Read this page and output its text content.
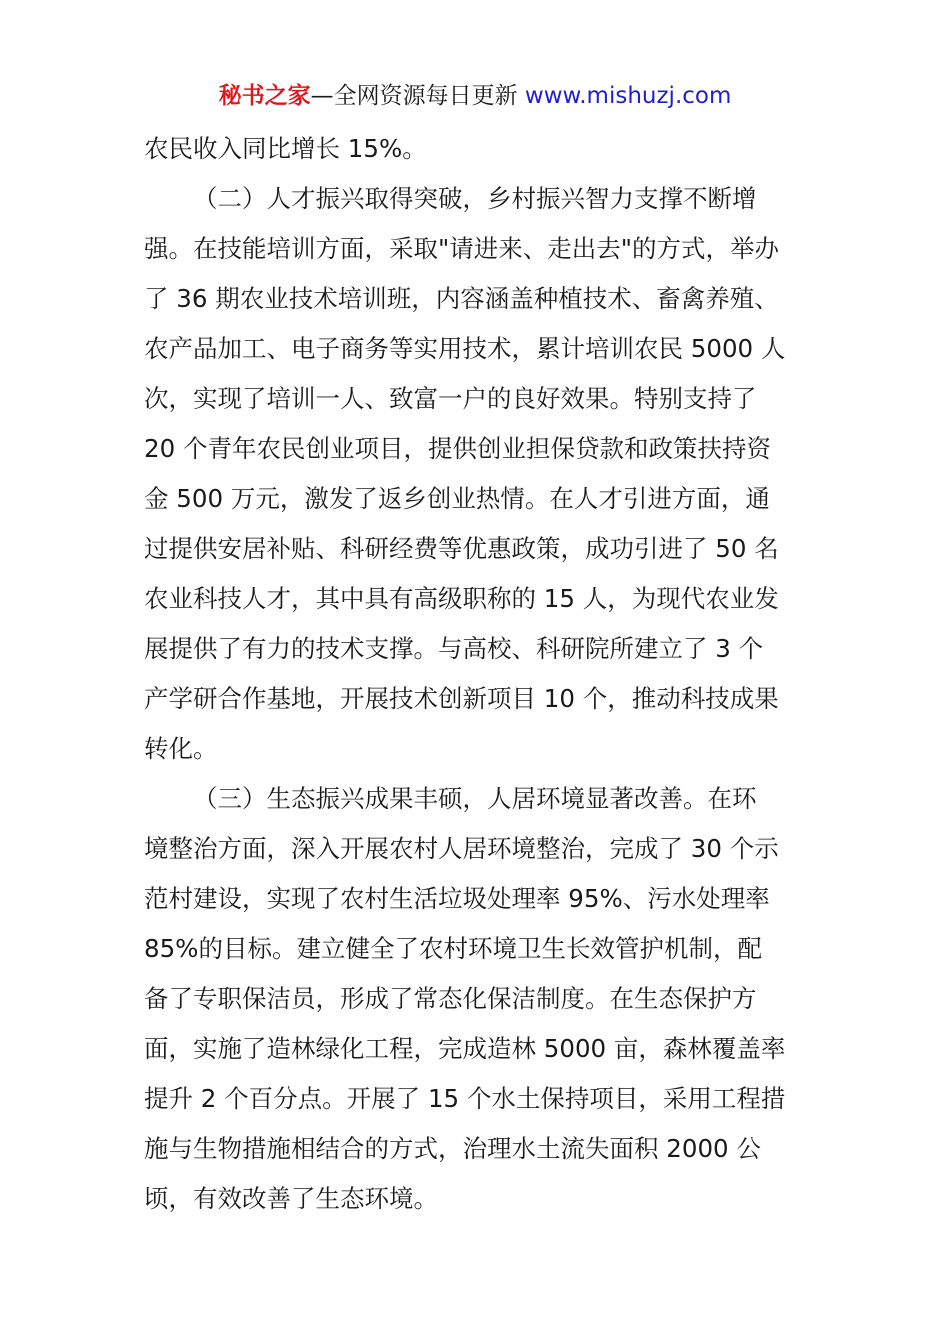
秘书之家—全网资源每日更新 www.mishuzj.com
农民收入同比增长 15%。
（二）人才振兴取得突破，乡村振兴智力支撑不断增
强。在技能培训方面，采取"请进来、走出去"的方式，举办
了 36 期农业技术培训班，内容涵盖种植技术、畜禽养殖、
农产品加工、电子商务等实用技术，累计培训农民 5000 人
次，实现了培训一人、致富一户的良好效果。特别支持了
20 个青年农民创业项目，提供创业担保贷款和政策扶持资
金 500 万元，激发了返乡创业热情。在人才引进方面，通
过提供安居补贴、科研经费等优惠政策，成功引进了 50 名
农业科技人才，其中具有高级职称的 15 人，为现代农业发
展提供了有力的技术支撑。与高校、科研院所建立了 3 个
产学研合作基地，开展技术创新项目 10 个，推动科技成果
转化。
（三）生态振兴成果丰硕，人居环境显著改善。在环
境整治方面，深入开展农村人居环境整治，完成了 30 个示
范村建设，实现了农村生活垃圾处理率 95%、污水处理率
85%的目标。建立健全了农村环境卫生长效管护机制，配
备了专职保洁员，形成了常态化保洁制度。在生态保护方
面，实施了造林绿化工程，完成造林 5000 亩，森林覆盖率
提升 2 个百分点。开展了 15 个水土保持项目，采用工程措
施与生物措施相结合的方式，治理水土流失面积 2000 公
顷，有效改善了生态环境。
